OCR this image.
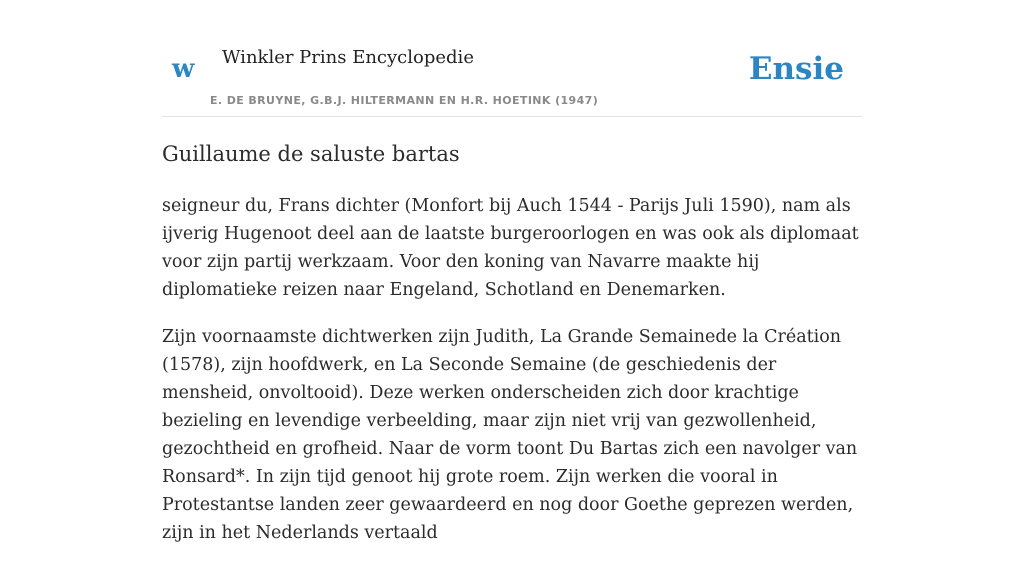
w Winkler Prins Encyclopedie
E. DE BRUYNE, G.B.J. HILTERMANN EN H.R. HOETINK (1947)
Ensie
Guillaume de saluste bartas

seigneur du, Frans dichter (Monfort bij Auch 1544 - Parijs Juli 1590), nam als ijverig Hugenoot deel aan de laatste burgeroorlogen en was ook als diplomaat voor zijn partij werkzaam. Voor den koning van Navarre maakte hij diplomatieke reizen naar Engeland, Schotland en Denemarken.

Zijn voornaamste dichtwerken zijn Judith, La Grande Semainede la Création (1578), zijn hoofdwerk, en La Seconde Semaine (de geschiedenis der mensheid, onvoltooid). Deze werken onderscheiden zich door krachtige bezieling en levendige verbeelding, maar zijn niet vrij van gezwollenheid, gezochtheid en grofheid. Naar de vorm toont Du Bartas zich een navolger van Ronsard*. In zijn tijd genoot hij grote roem. Zijn werken die vooral in Protestantse landen zeer gewaardeerd en nog door Goethe geprezen werden, zijn in het Nederlands vertaald
